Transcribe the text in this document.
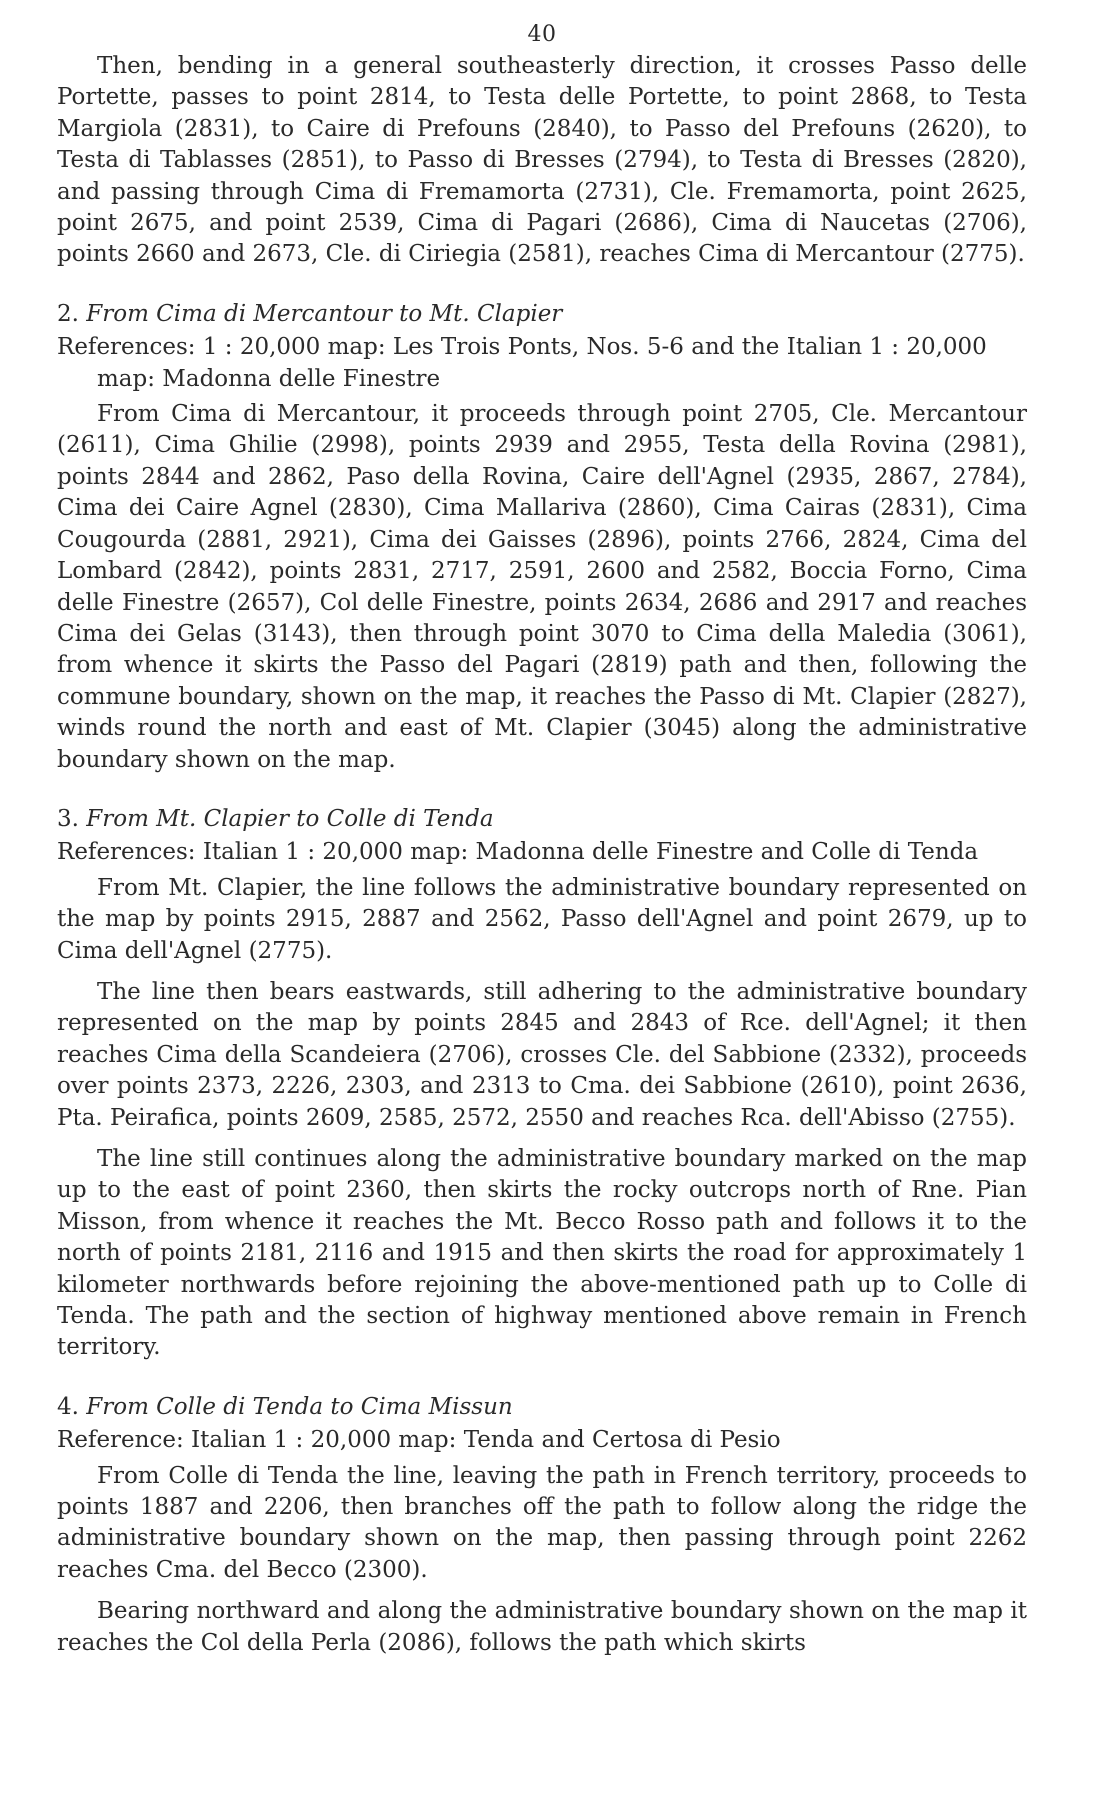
40

Then, bending in a general southeasterly direction, it crosses Passo delle Portette, passes to point 2814, to Testa delle Portette, to point 2868, to Testa Margiola (2831), to Caire di Prefouns (2840), to Passo del Prefouns (2620), to Testa di Tablasses (2851), to Passo di Bresses (2794), to Testa di Bresses (2820), and passing through Cima di Fremamorta (2731), Cle. Fremamorta, point 2625, point 2675, and point 2539, Cima di Pagari (2686), Cima di Naucetas (2706), points 2660 and 2673, Cle. di Ciriegia (2581), reaches Cima di Mercantour (2775).

2. From Cima di Mercantour to Mt. Clapier

References: 1 : 20,000 map: Les Trois Ponts, Nos. 5-6 and the Italian 1 : 20,000 map: Madonna delle Finestre

From Cima di Mercantour, it proceeds through point 2705, Cle. Mercantour (2611), Cima Ghilie (2998), points 2939 and 2955, Testa della Rovina (2981), points 2844 and 2862, Paso della Rovina, Caire dell'Agnel (2935, 2867, 2784), Cima dei Caire Agnel (2830), Cima Mallariva (2860), Cima Cairas (2831), Cima Cougourda (2881, 2921), Cima dei Gaisses (2896), points 2766, 2824, Cima del Lombard (2842), points 2831, 2717, 2591, 2600 and 2582, Boccia Forno, Cima delle Finestre (2657), Col delle Finestre, points 2634, 2686 and 2917 and reaches Cima dei Gelas (3143), then through point 3070 to Cima della Maledia (3061), from whence it skirts the Passo del Pagari (2819) path and then, following the commune boundary, shown on the map, it reaches the Passo di Mt. Clapier (2827), winds round the north and east of Mt. Clapier (3045) along the administrative boundary shown on the map.

3. From Mt. Clapier to Colle di Tenda

References: Italian 1 : 20,000 map: Madonna delle Finestre and Colle di Tenda

From Mt. Clapier, the line follows the administrative boundary represented on the map by points 2915, 2887 and 2562, Passo dell'Agnel and point 2679, up to Cima dell'Agnel (2775).

The line then bears eastwards, still adhering to the administrative boundary represented on the map by points 2845 and 2843 of Rce. dell'Agnel; it then reaches Cima della Scandeiera (2706), crosses Cle. del Sabbione (2332), proceeds over points 2373, 2226, 2303, and 2313 to Cma. dei Sabbione (2610), point 2636, Pta. Peirafica, points 2609, 2585, 2572, 2550 and reaches Rca. dell'Abisso (2755).

The line still continues along the administrative boundary marked on the map up to the east of point 2360, then skirts the rocky outcrops north of Rne. Pian Misson, from whence it reaches the Mt. Becco Rosso path and follows it to the north of points 2181, 2116 and 1915 and then skirts the road for approximately 1 kilometer northwards before rejoining the above-mentioned path up to Colle di Tenda. The path and the section of highway mentioned above remain in French territory.

4. From Colle di Tenda to Cima Missun

Reference: Italian 1 : 20,000 map: Tenda and Certosa di Pesio

From Colle di Tenda the line, leaving the path in French territory, proceeds to points 1887 and 2206, then branches off the path to follow along the ridge the administrative boundary shown on the map, then passing through point 2262 reaches Cma. del Becco (2300).

Bearing northward and along the administrative boundary shown on the map it reaches the Col della Perla (2086), follows the path which skirts
